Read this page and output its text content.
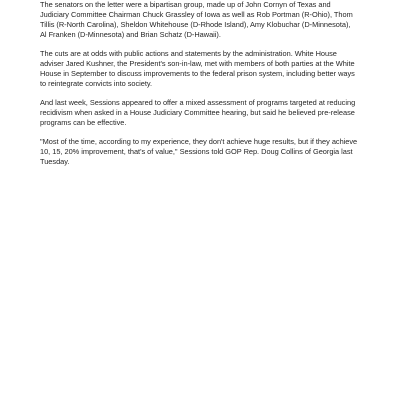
The senators on the letter were a bipartisan group, made up of John Cornyn of Texas and Judiciary Committee Chairman Chuck Grassley of Iowa as well as Rob Portman (R-Ohio), Thom Tillis (R-North Carolina), Sheldon Whitehouse (D-Rhode Island), Amy Klobuchar (D-Minnesota), Al Franken (D-Minnesota) and Brian Schatz (D-Hawaii).

The cuts are at odds with public actions and statements by the administration. White House adviser Jared Kushner, the President's son-in-law, met with members of both parties at the White House in September to discuss improvements to the federal prison system, including better ways to reintegrate convicts into society.

And last week, Sessions appeared to offer a mixed assessment of programs targeted at reducing recidivism when asked in a House Judiciary Committee hearing, but said he believed pre-release programs can be effective.

"Most of the time, according to my experience, they don't achieve huge results, but if they achieve 10, 15, 20% improvement, that's of value," Sessions told GOP Rep. Doug Collins of Georgia last Tuesday.
